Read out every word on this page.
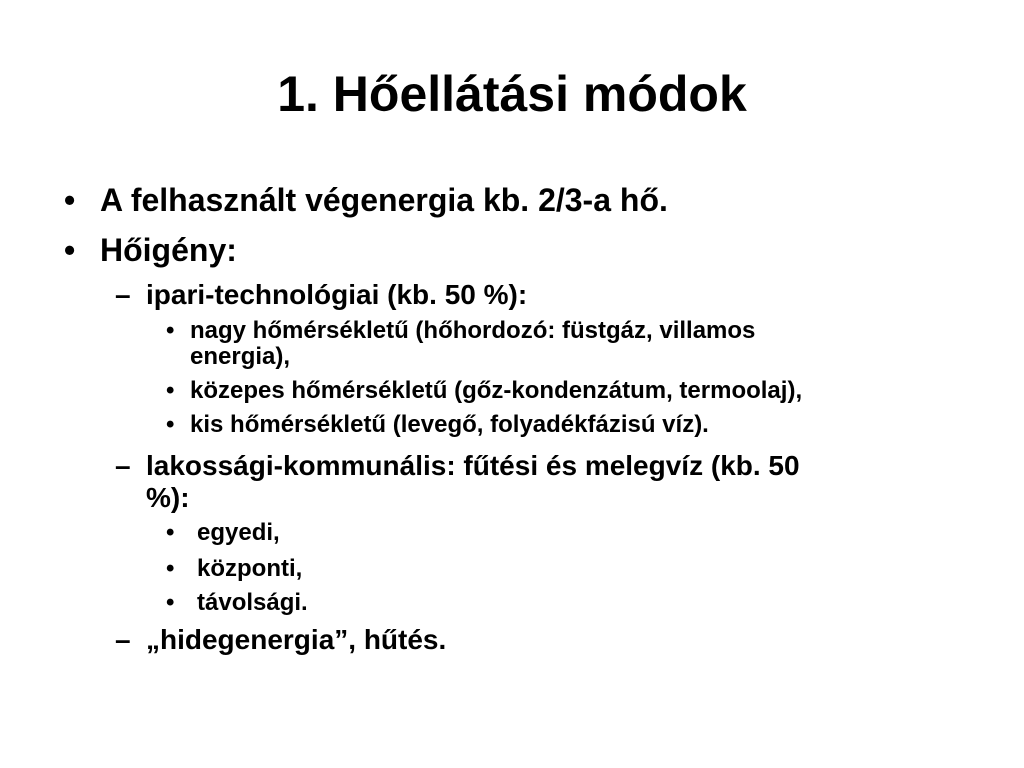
1. Hőellátási módok
• A felhasznált végenergia kb. 2/3-a hő.
• Hőigény:
– ipari-technológiai (kb. 50 %):
• nagy hőmérsékletű (hőhordozó: füstgáz, villamos
energia),
• közepes hőmérsékletű (gőz-kondenzátum, termoolaj),
• kis hőmérsékletű (levegő, folyadékfázisú víz).
– lakossági-kommunális: fűtési és melegvíz (kb. 50
%):
• egyedi,
• központi,
• távolsági.
– „hidegenergia”, hűtés.
